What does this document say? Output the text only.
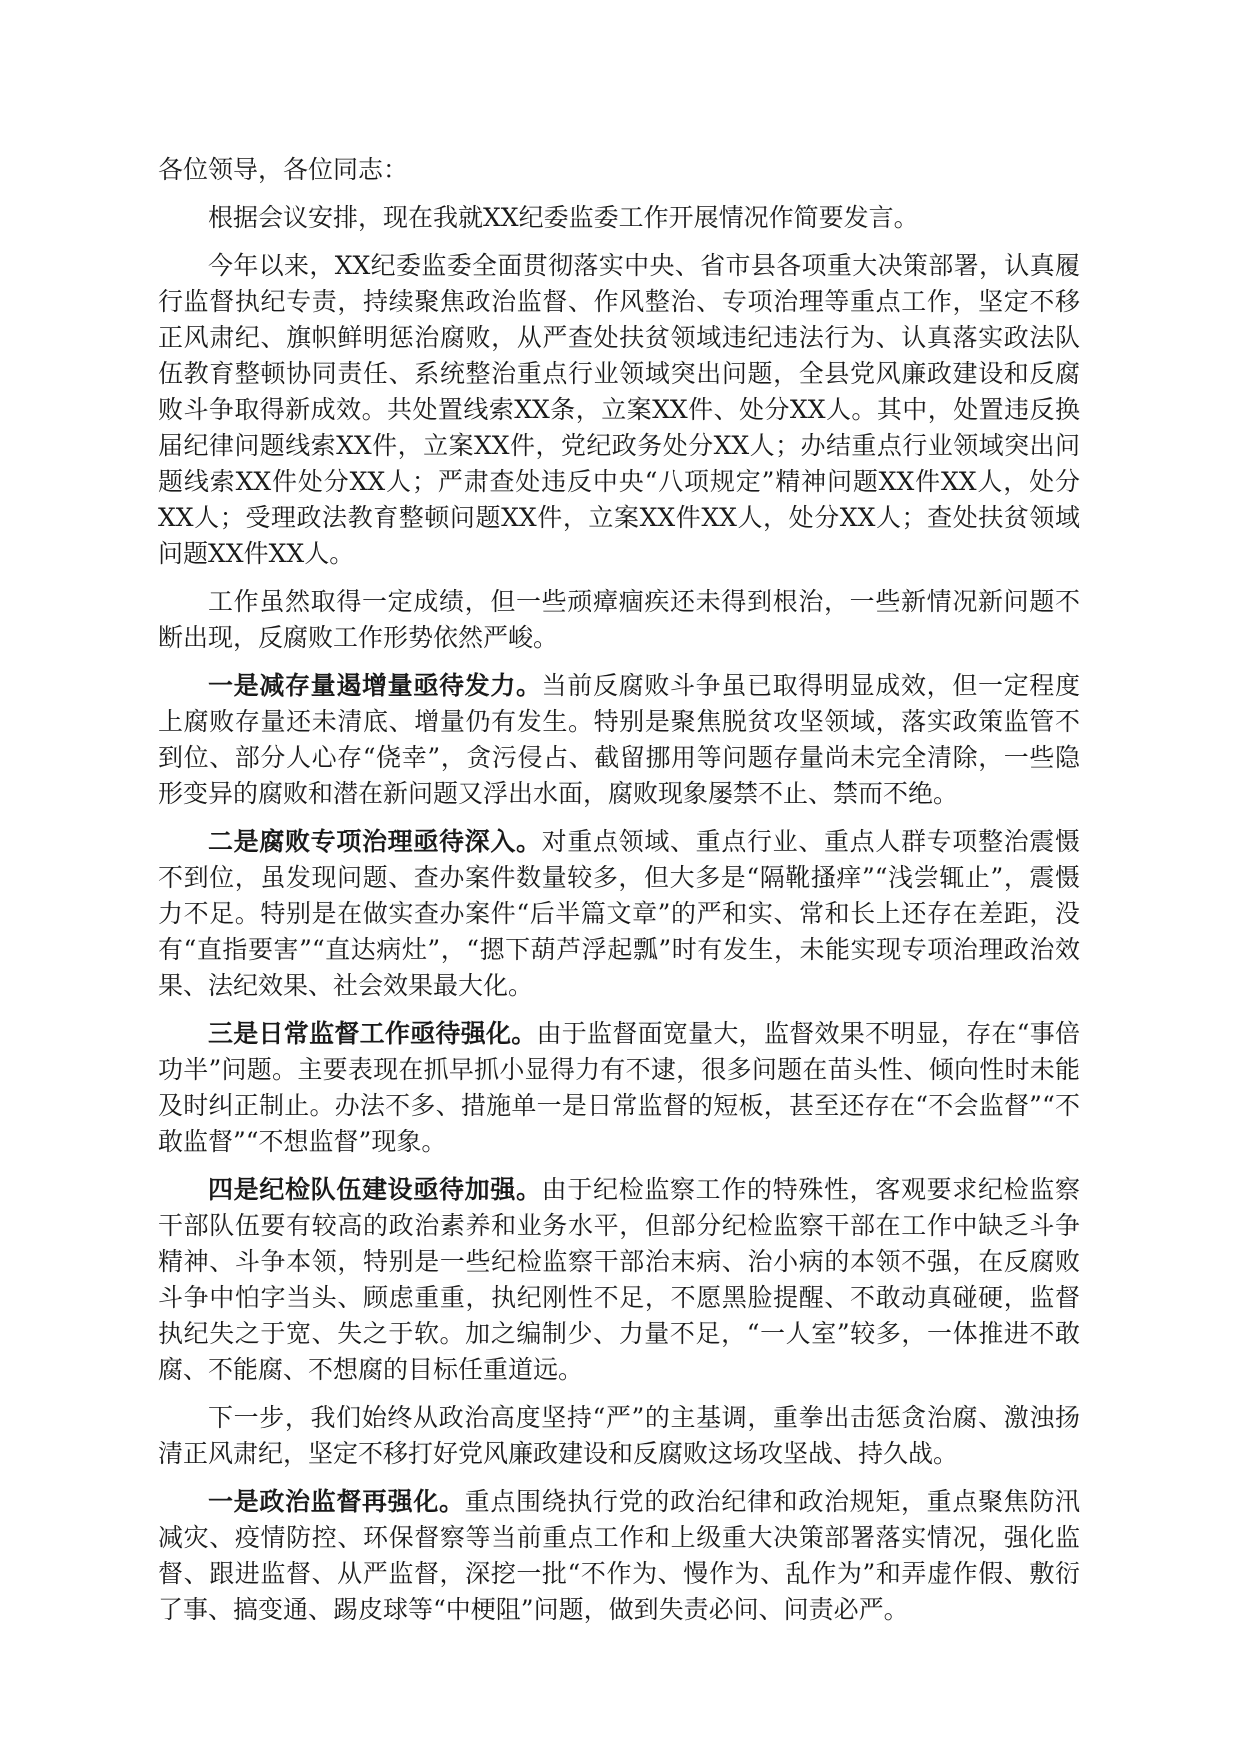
各位领导，各位同志：

根据会议安排，现在我就XX纪委监委工作开展情况作简要发言。

今年以来，XX纪委监委全面贯彻落实中央、省市县各项重大决策部署，认真履行监督执纪专责，持续聚焦政治监督、作风整治、专项治理等重点工作，坚定不移正风肃纪、旗帜鲜明惩治腐败，从严查处扶贫领域违纪违法行为、认真落实政法队伍教育整顿协同责任、系统整治重点行业领域突出问题，全县党风廉政建设和反腐败斗争取得新成效。共处置线索XX条，立案XX件、处分XX人。其中，处置违反换届纪律问题线索XX件，立案XX件，党纪政务处分XX人；办结重点行业领域突出问题线索XX件处分XX人；严肃查处违反中央“八项规定”精神问题XX件XX人，处分XX人；受理政法教育整顿问题XX件，立案XX件XX人，处分XX人；查处扶贫领域问题XX件XX人。

工作虽然取得一定成绩，但一些顽瘴痼疾还未得到根治，一些新情况新问题不断出现，反腐败工作形势依然严峻。

一是减存量遏增量亟待发力。当前反腐败斗争虽已取得明显成效，但一定程度上腐败存量还未清底、增量仍有发生。特别是聚焦脱贫攻坚领域，落实政策监管不到位、部分人心存“侥幸”，贪污侵占、截留挪用等问题存量尚未完全清除，一些隐形变异的腐败和潜在新问题又浮出水面，腐败现象屡禁不止、禁而不绝。

二是腐败专项治理亟待深入。对重点领域、重点行业、重点人群专项整治震慑不到位，虽发现问题、查办案件数量较多，但大多是“隔靴搔痒”“浅尝辄止”，震慑力不足。特别是在做实查办案件“后半篇文章”的严和实、常和长上还存在差距，没有“直指要害”“直达病灶”，“摁下葫芦浮起瓢”时有发生，未能实现专项治理政治效果、法纪效果、社会效果最大化。

三是日常监督工作亟待强化。由于监督面宽量大，监督效果不明显，存在“事倍功半”问题。主要表现在抓早抓小显得力有不逮，很多问题在苗头性、倾向性时未能及时纠正制止。办法不多、措施单一是日常监督的短板，甚至还存在“不会监督”“不敢监督”“不想监督”现象。

四是纪检队伍建设亟待加强。由于纪检监察工作的特殊性，客观要求纪检监察干部队伍要有较高的政治素养和业务水平，但部分纪检监察干部在工作中缺乏斗争精神、斗争本领，特别是一些纪检监察干部治末病、治小病的本领不强，在反腐败斗争中怕字当头、顾虑重重，执纪刚性不足，不愿黑脸提醒、不敢动真碰硬，监督执纪失之于宽、失之于软。加之编制少、力量不足，“一人室”较多，一体推进不敢腐、不能腐、不想腐的目标任重道远。

下一步，我们始终从政治高度坚持“严”的主基调，重拳出击惩贪治腐、激浊扬清正风肃纪，坚定不移打好党风廉政建设和反腐败这场攻坚战、持久战。

一是政治监督再强化。重点围绕执行党的政治纪律和政治规矩，重点聚焦防汛减灾、疫情防控、环保督察等当前重点工作和上级重大决策部署落实情况，强化监督、跟进监督、从严监督，深挖一批“不作为、慢作为、乱作为”和弄虚作假、敷衍了事、搞变通、踢皮球等“中梗阻”问题，做到失责必问、问责必严。
